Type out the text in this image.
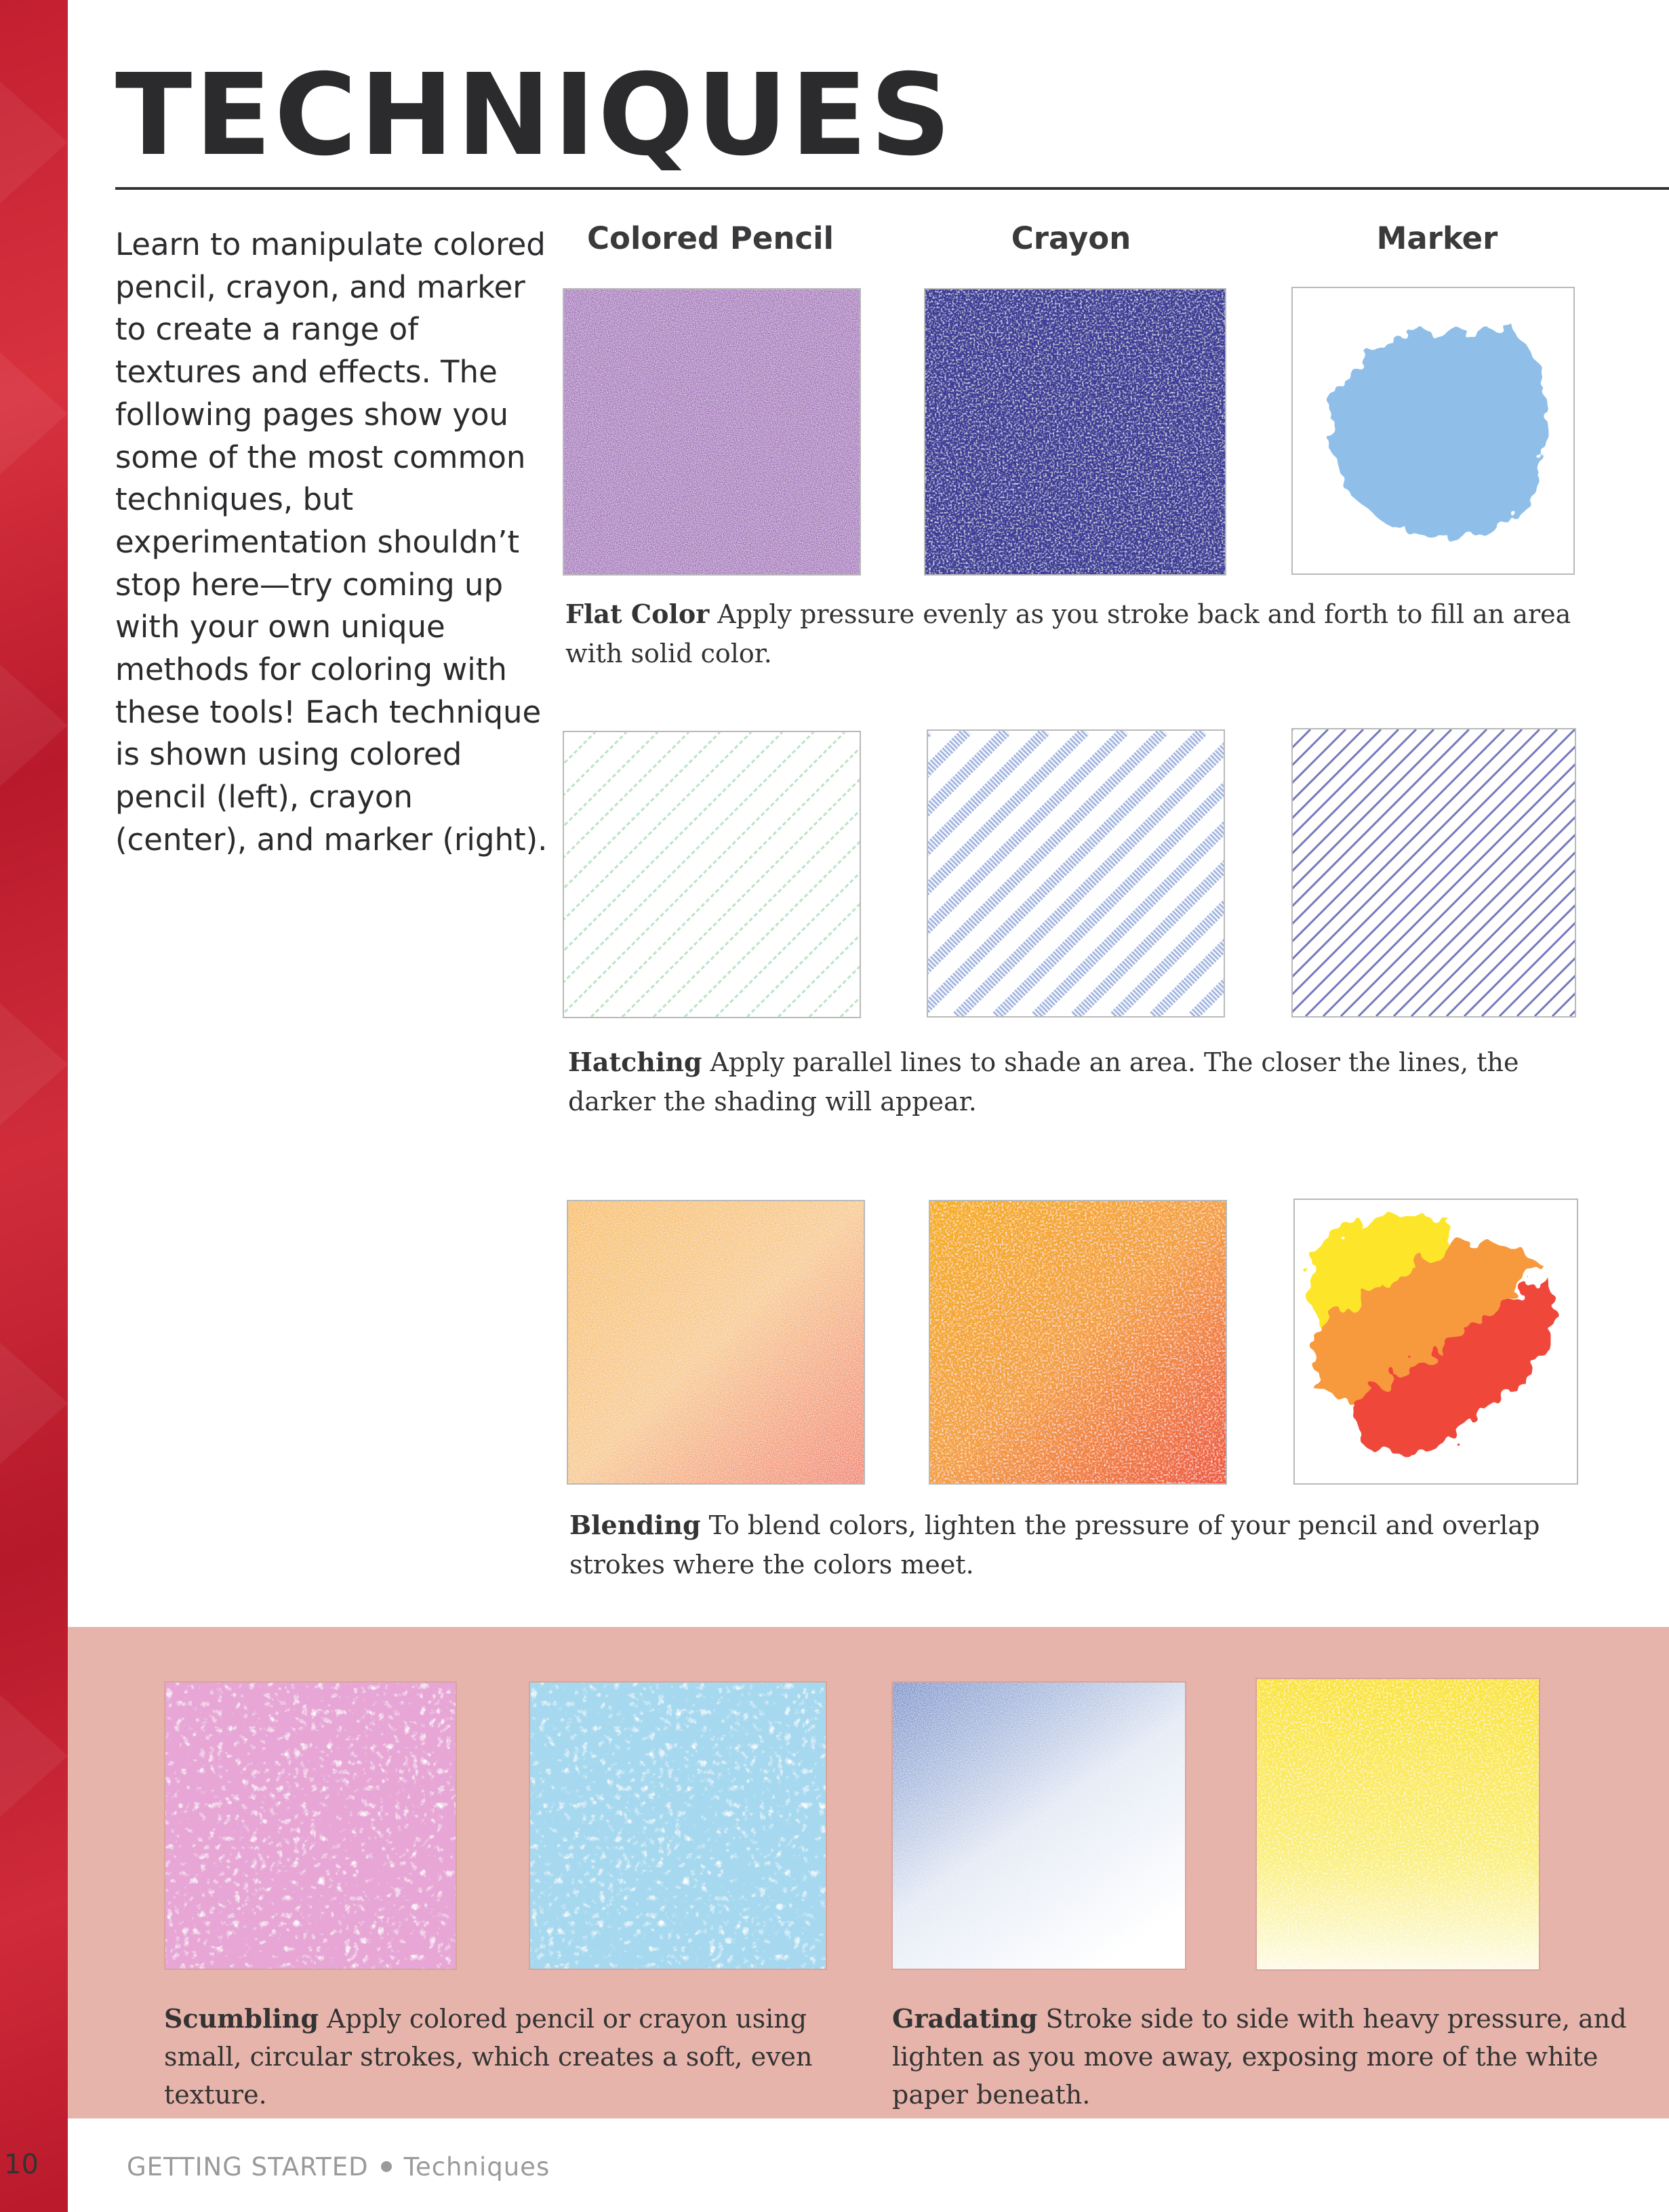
TECHNIQUES

Learn to manipulate colored pencil, crayon, and marker to create a range of textures and effects. The following pages show you some of the most common techniques, but experimentation shouldn’t stop here—try coming up with your own unique methods for coloring with these tools! Each technique is shown using colored pencil (left), crayon (center), and marker (right).

Colored Pencil	Crayon	Marker

Flat Color Apply pressure evenly as you stroke back and forth to fill an area with solid color.

Hatching Apply parallel lines to shade an area. The closer the lines, the darker the shading will appear.

Blending To blend colors, lighten the pressure of your pencil and overlap strokes where the colors meet.

Scumbling Apply colored pencil or crayon using small, circular strokes, which creates a soft, even texture.

Gradating Stroke side to side with heavy pressure, and lighten as you move away, exposing more of the white paper beneath.

10	GETTING STARTED Techniques
